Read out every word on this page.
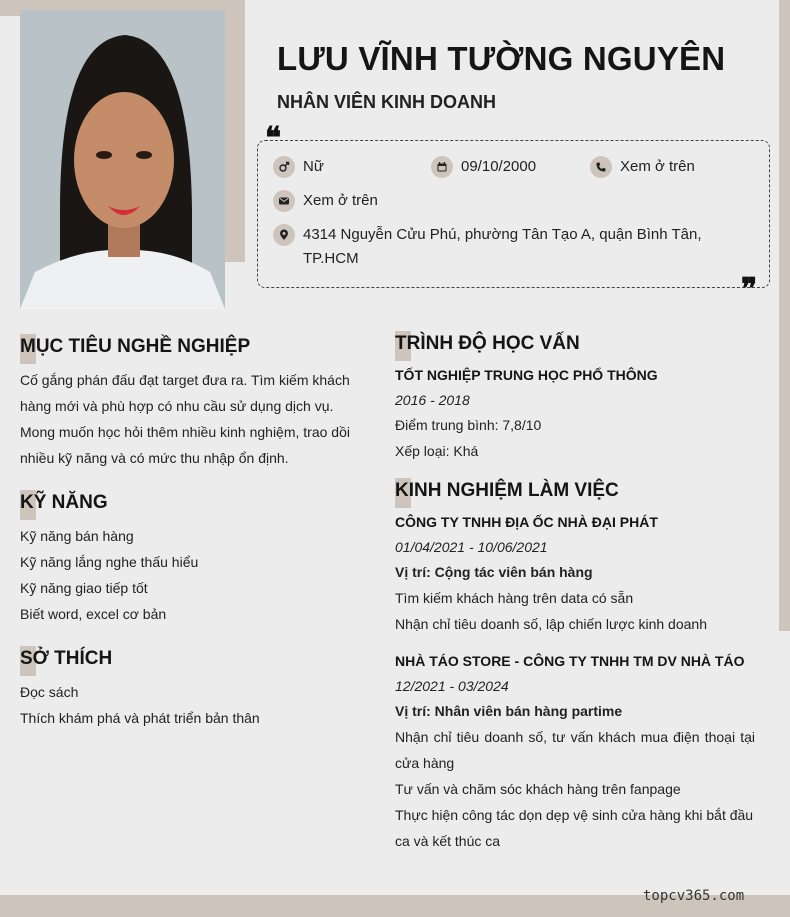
LƯU VĨNH TƯỜNG NGUYÊN
NHÂN VIÊN KINH DOANH
❝
Nữ	09/10/2000	Xem ở trên
Xem ở trên
4314 Nguyễn Cửu Phú, phường Tân Tạo A, quận Bình Tân,
TP.HCM
❞
MỤC TIÊU NGHỀ NGHIỆP
Cố gắng phán đấu đạt target đưa ra. Tìm kiếm khách
hàng mới và phù hợp có nhu cầu sử dụng dịch vụ.
Mong muốn học hỏi thêm nhiều kinh nghiệm, trao dồi
nhiều kỹ năng và có mức thu nhập ổn định.
KỸ NĂNG
Kỹ năng bán hàng
Kỹ năng lắng nghe thấu hiểu
Kỹ năng giao tiếp tốt
Biết word, excel cơ bản
SỞ THÍCH
Đọc sách
Thích khám phá và phát triển bản thân
TRÌNH ĐỘ HỌC VẤN
TỐT NGHIỆP TRUNG HỌC PHỔ THÔNG
2016 - 2018
Điểm trung bình: 7,8/10
Xếp loại: Khá
KINH NGHIỆM LÀM VIỆC
CÔNG TY TNHH ĐỊA ỐC NHÀ ĐẠI PHÁT
01/04/2021 - 10/06/2021
Vị trí: Cộng tác viên bán hàng
Tìm kiếm khách hàng trên data có sẵn
Nhận chỉ tiêu doanh số, lập chiến lược kinh doanh
NHÀ TÁO STORE - CÔNG TY TNHH TM DV NHÀ TÁO
12/2021 - 03/2024
Vị trí: Nhân viên bán hàng partime
Nhận chỉ tiêu doanh số, tư vấn khách mua điện thoại tại
cửa hàng
Tư vấn và chăm sóc khách hàng trên fanpage
Thực hiện công tác dọn dẹp vệ sinh cửa hàng khi bắt đầu
ca và kết thúc ca
topcv365.com
